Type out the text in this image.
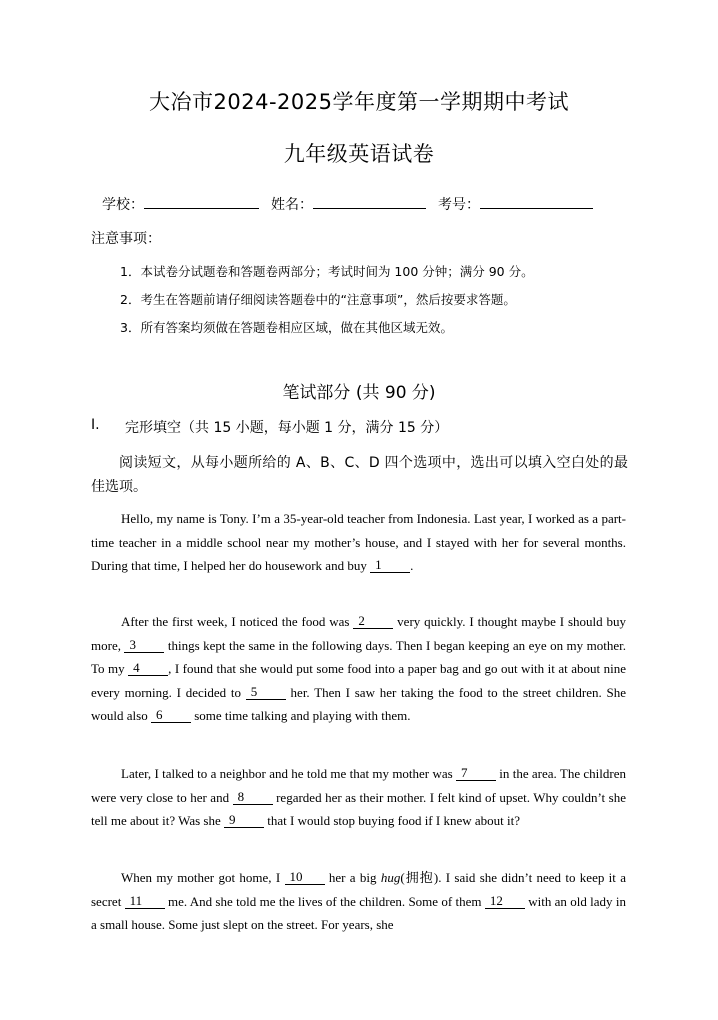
大冶市2024-2025学年度第一学期期中考试
九年级英语试卷
学校：	姓名：	考号：
注意事项：
1．本试卷分试题卷和答题卷两部分；考试时间为 100 分钟；满分 90 分。
2．考生在答题前请仔细阅读答题卷中的“注意事项”，然后按要求答题。
3．所有答案均须做在答题卷相应区域，做在其他区域无效。
笔试部分 (共 90 分)
I.	完形填空（共 15 小题，每小题 1 分，满分 15 分）
阅读短文，从每小题所给的 A、B、C、D 四个选项中，选出可以填入空白处的最佳选项。
Hello, my name is Tony. I’m a 35-year-old teacher from Indonesia. Last year, I worked as a part-time teacher in a middle school near my mother’s house, and I stayed with her for several months. During that time, I helped her do housework and buy 1 .
After the first week, I noticed the food was 2 very quickly. I thought maybe I should buy more, 3 things kept the same in the following days. Then I began keeping an eye on my mother. To my 4 , I found that she would put some food into a paper bag and go out with it at about nine every morning. I decided to 5 her. Then I saw her taking the food to the street children. She would also 6 some time talking and playing with them.
Later, I talked to a neighbor and he told me that my mother was 7 in the area. The children were very close to her and 8 regarded her as their mother. I felt kind of upset. Why couldn’t she tell me about it? Was she 9 that I would stop buying food if I knew about it?
When my mother got home, I 10 her a big hug(拥抱). I said she didn’t need to keep it a secret 11 me. And she told me the lives of the children. Some of them 12 with an old lady in a small house. Some just slept on the street. For years, she
